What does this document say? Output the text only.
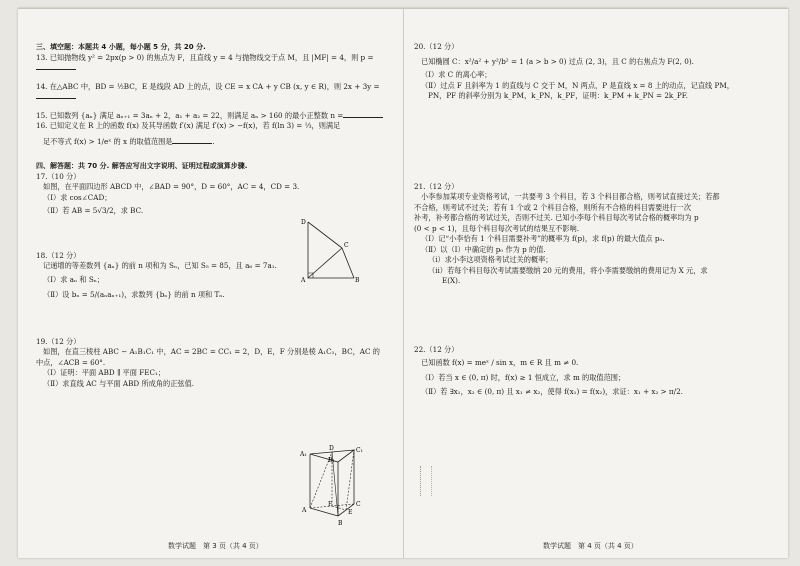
三、填空题：本题共 4 小题，每小题 5 分，共 20 分.

13. 已知抛物线 y² = 2px(p > 0) 的焦点为 F，且直线 y = 4 与抛物线交于点 M，且 |MF| = 4，则 p =

14. 在△ABC 中，BD = ½BC，E 是线段 AD 上的点，设 CE = x CA + y CB (x, y ∈ R)，则 2x + 3y =

15. 已知数列 {aₙ} 满足 aₙ₊₁ = 3aₙ + 2，a₁ + a₂ = 22，则满足 aₙ > 160 的最小正整数 n =

16. 已知定义在 R 上的函数 f(x) 及其导函数 f′(x) 满足 f′(x) > −f(x)，若 f(ln 3) = ⅓，则满足

足不等式 f(x) > 1/eˣ 的 x 的取值范围是	.

四、解答题：共 70 分. 解答应写出文字说明、证明过程或演算步骤.

17.（10 分）

如图，在平面四边形 ABCD 中，∠BAD = 90°，D = 60°，AC = 4，CD = 3.

（Ⅰ）求 cos∠CAD；

（Ⅱ）若 AB = 5√3/2，求 BC.

18.（12 分）

记递增的等差数列 {aₙ} 的前 n 项和为 Sₙ，已知 S₅ = 85，且 a₆ = 7a₁.

（Ⅰ）求 aₙ 和 Sₙ；

（Ⅱ）设 bₙ = 5/(aₙaₙ₊₁)，求数列 {bₙ} 的前 n 项和 Tₙ.

19.（12 分）

如图，在直三棱柱 ABC − A₁B₁C₁ 中，AC = 2BC = CC₁ = 2，D，E，F 分别是棱 A₁C₁，BC，AC 的

中点，∠ACB = 60°.

（Ⅰ）证明：平面 ABD ∥ 平面 FEC₁；

（Ⅱ）求直线 AC 与平面 ABD 所成角的正弦值.

D
C
A	B
A₁
D	C₁
B₁
A
F	C
E
B
数学试题　第 3 页（共 4 页）

20.（12 分）

已知椭圆 C：x²/a² + y²/b² = 1 (a > b > 0) 过点 (2, 3)，且 C 的右焦点为 F(2, 0).

（Ⅰ）求 C 的离心率；

（Ⅱ）过点 F 且斜率为 1 的直线与 C 交于 M，N 两点，P 是直线 x = 8 上的动点，记直线 PM，

PN，PF 的斜率分别为 k_PM，k_PN，k_PF，证明：k_PM + k_PN = 2k_PF.

21.（12 分）

小李参加某项专业资格考试，一共要考 3 个科目，若 3 个科目都合格，则考试直接过关；若都

不合格，则考试不过关；若有 1 个或 2 个科目合格，则所有不合格的科目需要进行一次

补考，补考都合格的考试过关，否则不过关. 已知小李每个科目每次考试合格的概率均为 p

(0 < p < 1)，且每个科目每次考试的结果互不影响.

（Ⅰ）记“小李恰有 1 个科目需要补考”的概率为 f(p)，求 f(p) 的最大值点 p₀.

（Ⅱ）以（Ⅰ）中确定的 p₀ 作为 p 的值.

（ⅰ）求小李这项资格考试过关的概率；

（ⅱ）若每个科目每次考试需要缴纳 20 元的费用，将小李需要缴纳的费用记为 X 元，求

E(X).

22.（12 分）

已知函数 f(x) = meˣ / sin x，m ∈ R 且 m ≠ 0.

（Ⅰ）若当 x ∈ (0, π) 时，f(x) ≥ 1 恒成立，求 m 的取值范围；

（Ⅱ）若 ∃x₁，x₂ ∈ (0, π) 且 x₁ ≠ x₂，使得 f(x₁) = f(x₂)，求证：x₁ + x₂ > π/2.

数学试题　第 4 页（共 4 页）
